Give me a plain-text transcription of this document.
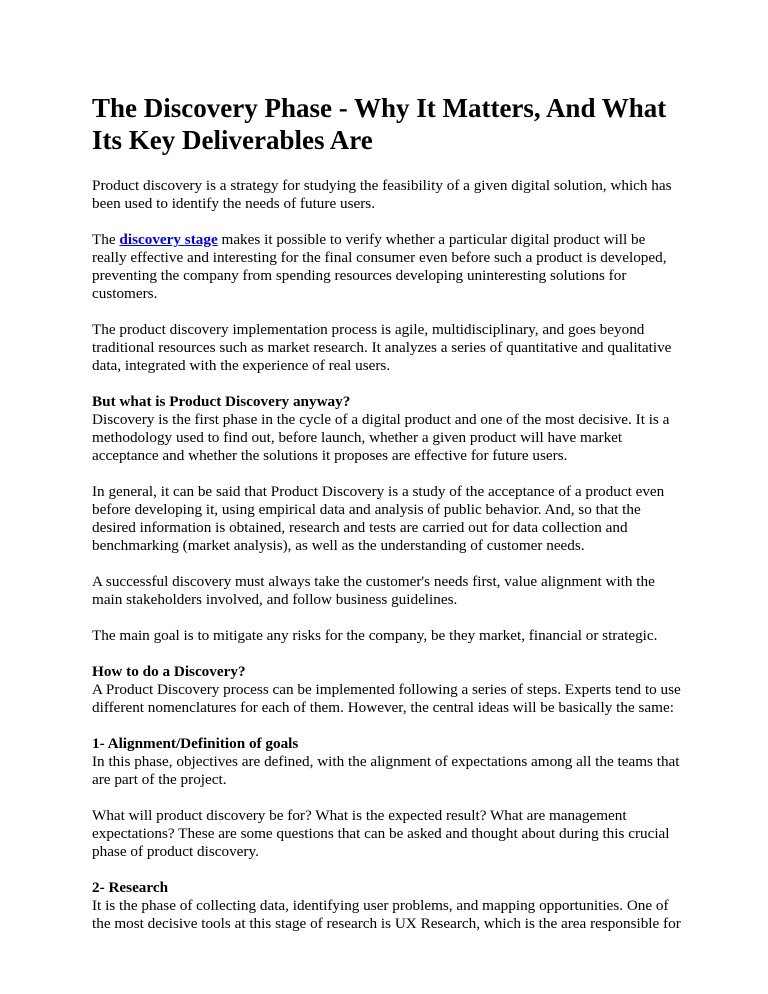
The Discovery Phase - Why It Matters, And What Its Key Deliverables Are

Product discovery is a strategy for studying the feasibility of a given digital solution, which has been used to identify the needs of future users.

The discovery stage makes it possible to verify whether a particular digital product will be really effective and interesting for the final consumer even before such a product is developed, preventing the company from spending resources developing uninteresting solutions for customers.

The product discovery implementation process is agile, multidisciplinary, and goes beyond traditional resources such as market research. It analyzes a series of quantitative and qualitative data, integrated with the experience of real users.

But what is Product Discovery anyway?
Discovery is the first phase in the cycle of a digital product and one of the most decisive. It is a methodology used to find out, before launch, whether a given product will have market acceptance and whether the solutions it proposes are effective for future users.

In general, it can be said that Product Discovery is a study of the acceptance of a product even before developing it, using empirical data and analysis of public behavior. And, so that the desired information is obtained, research and tests are carried out for data collection and benchmarking (market analysis), as well as the understanding of customer needs.

A successful discovery must always take the customer's needs first, value alignment with the main stakeholders involved, and follow business guidelines.

The main goal is to mitigate any risks for the company, be they market, financial or strategic.

How to do a Discovery?
A Product Discovery process can be implemented following a series of steps. Experts tend to use different nomenclatures for each of them. However, the central ideas will be basically the same:

1- Alignment/Definition of goals
In this phase, objectives are defined, with the alignment of expectations among all the teams that are part of the project.

What will product discovery be for? What is the expected result? What are management expectations? These are some questions that can be asked and thought about during this crucial phase of product discovery.

2- Research
It is the phase of collecting data, identifying user problems, and mapping opportunities. One of the most decisive tools at this stage of research is UX Research, which is the area responsible for
